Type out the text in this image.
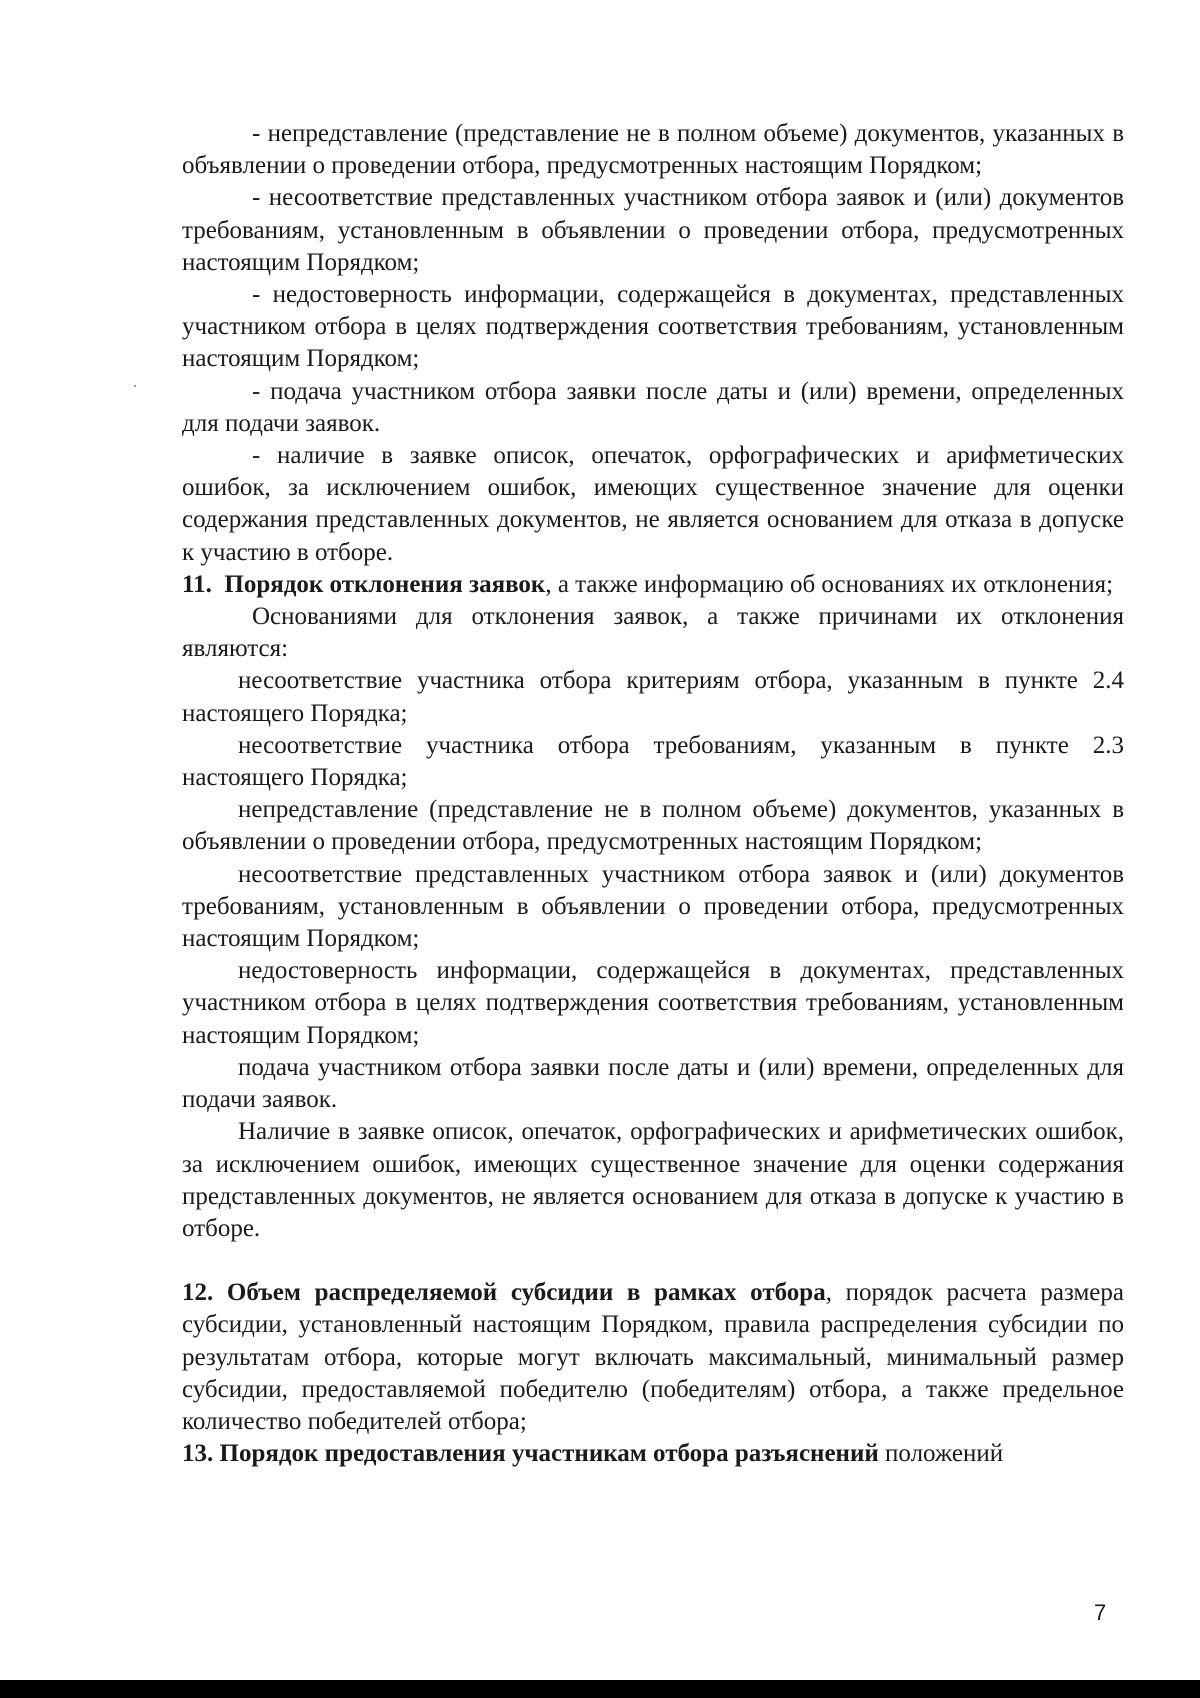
- непредставление (представление не в полном объеме) документов, указанных в объявлении о проведении отбора, предусмотренных настоящим Порядком;

- несоответствие представленных участником отбора заявок и (или) документов требованиям, установленным в объявлении о проведении отбора, предусмотренных настоящим Порядком;

- недостоверность информации, содержащейся в документах, представленных участником отбора в целях подтверждения соответствия требованиям, установленным настоящим Порядком;

- подача участником отбора заявки после даты и (или) времени, определенных для подачи заявок.

- наличие в заявке описок, опечаток, орфографических и арифметических ошибок, за исключением ошибок, имеющих существенное значение для оценки содержания представленных документов, не является основанием для отказа в допуске к участию в отборе.

11. Порядок отклонения заявок, а также информацию об основаниях их отклонения;

Основаниями для отклонения заявок, а также причинами их отклонения являются:

несоответствие участника отбора критериям отбора, указанным в пункте 2.4 настоящего Порядка;

несоответствие участника отбора требованиям, указанным в пункте 2.3 настоящего Порядка;

непредставление (представление не в полном объеме) документов, указанных в объявлении о проведении отбора, предусмотренных настоящим Порядком;

несоответствие представленных участником отбора заявок и (или) документов требованиям, установленным в объявлении о проведении отбора, предусмотренных настоящим Порядком;

недостоверность информации, содержащейся в документах, представленных участником отбора в целях подтверждения соответствия требованиям, установленным настоящим Порядком;

подача участником отбора заявки после даты и (или) времени, определенных для подачи заявок.

Наличие в заявке описок, опечаток, орфографических и арифметических ошибок, за исключением ошибок, имеющих существенное значение для оценки содержания представленных документов, не является основанием для отказа в допуске к участию в отборе.

12. Объем распределяемой субсидии в рамках отбора, порядок расчета размера субсидии, установленный настоящим Порядком, правила распределения субсидии по результатам отбора, которые могут включать максимальный, минимальный размер субсидии, предоставляемой победителю (победителям) отбора, а также предельное количество победителей отбора;

13. Порядок предоставления участникам отбора разъяснений положений

7
